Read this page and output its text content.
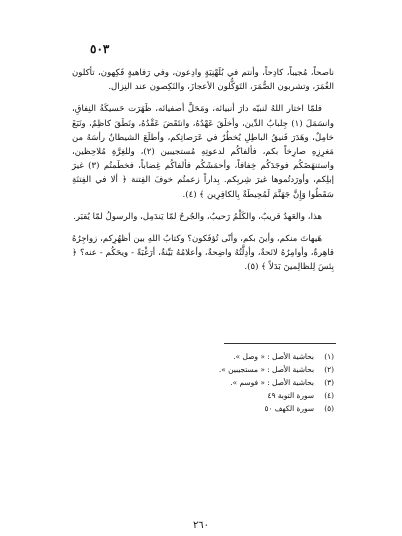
٥٠٣

ناصحاً، مُجيباً، كادِحاً، وأنتم في بُلَهْنِيَةٍ وادِعون، وفي رَفاهيةٍ فَكِهون، تأكلون الغُمَرَ، وتشربون الصُّمَرَ، التَوَكُّلون الأعجازَ، والنَكِصون عند النِزال.

فلمّا اختار اللهُ لنبيّه دارَ أنبيائه، ومَحَلَّ أصفيائه، ظَهَرَت حَسيكَةُ النِفاقِ، وانسَمَلَ (١) جِلبابُ الدِّين، وأخلَقَ عَهْدُهُ، وانتَقَضَ عَقْدُهُ، ونَطَقَ كاظِمٌ، ونَبَغَ خامِلٌ، وهَدَرَ فَنيقُ الباطِلِ يُخطُرُ في عَرَصاتِكم، وأطلَعَ الشيطانُ رأسَهُ من مَغرِزِهِ صارِخاً بكم، فألفاكُم لدعوتِهِ مُستجيبين (٢)، وللغِرَّةِ مُلاحِظين، واستنهَضَكُم فوجَدَكُم خِفافاً، وأحمَشَكُم فألفاكُم غِضاباً، فخطَمتُم (٣) غيرَ إبلِكم، وأورَدتُموها غيرَ شِربِكم. بِداراً زعمتُم خوفَ الفِتنة ﴿ ألا في الفِتنَةِ سَقَطُوا وَإِنَّ جَهَنَّمَ لَمُحِيطَةٌ بِالكافِرِين ﴾ (٤).

هذا، والعَهدُ قريبٌ، والكَلْمُ رَحيبٌ، والجُرحُ لمّا يَندَمِل، والرسولُ لمّا يُقبَر.

هَيهاتَ منكم، وأينَ بكم، وأنّى تُؤفَكون؟ وكتابُ اللهِ بين أظهُرِكم، زواجِرُهُ قاهِرةٌ، وأوامِرُهُ لائحةٌ، وأدِلَّتُهُ واضِحةٌ، وأعلامُهُ بَيِّنةٌ، أرَغْبَةً - ويحَكُم - عنه؟ ﴿ بِئسَ لِلظالِمينَ بَدَلاً ﴾ (٥).

(١)
بحاشية الأصل : « وصل ».
(٢)
بحاشية الأصل : « مستجيبين ».
(٣)
بحاشية الأصل : « فوسم ».
(٤)
سورة التوبة ٤٩
(٥)
سورة الكهف ٥٠
٢٦٠
